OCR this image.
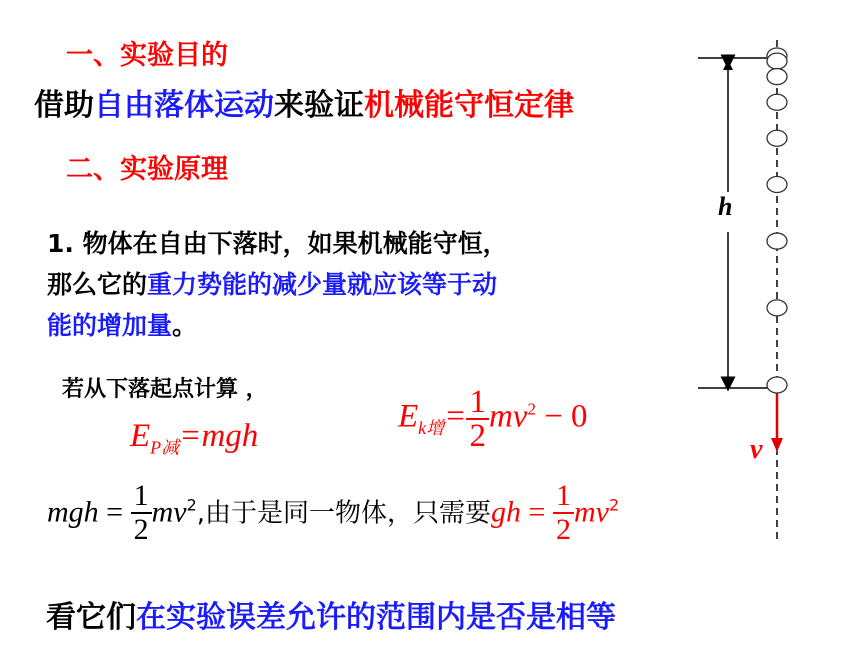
一、实验目的
借助自由落体运动来验证机械能守恒定律
二、实验原理
1. 物体在自由下落时，如果机械能守恒，
那么它的重力势能的减少量就应该等于动
能的增加量。
若从下落起点计算 ，
$E_{P减}=mgh$
$E_{k增}= \frac{1}{2} mv^2 - 0$
mgh = $\frac{1}{2} mv^2$,由于是同一物体，只需要gh = $\frac{1}{2} mv^2$
看它们在实验误差允许的范围内是否是相等
h
v
